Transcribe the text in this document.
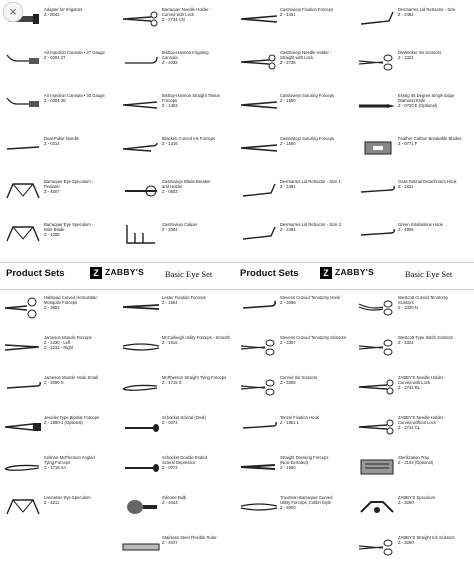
×	Adapter for Irrigators
Z - 8042
Air Injection Cannula • 27 Gauge
Z - 0304 27
Air Injection Cannula • 30 Gauge
Z - 0304 30
Dual-Pulse Needle
Z - 0214
Barraquer Eye Speculum -
Pediatric
Z - 4207
Barraquer Eye Speculum -
Wire Blade
Z - 4208
Barraquer Needle Holder -
Curved with Lock
Z - 2734 CN
Bishop-Harmon Irrigating
Cannula
Z - 4032
Bishop-Harmon Straight Tissue
Forceps
Z - 1403
Bracken Curved Iris Forceps
Z - 1316
Castroviejo Blade Breaker
and Holder
Z - 0803
Castroviejo Caliper
Z - 2004
Castroviejo Fixation Forceps
Z - 1451
Castroviejo Needle Holder -
Straight with Lock
Z - 2736
Castroviejo Suturing Forceps
Z - 1550
Castroviejo Suturing Forceps
Z - 1560
Desmarres Lid Retractor - Size 1
Z - 2491
Desmarres Lid Retractor - Size 2
Z - 2481
Desmarres Lid Retractor - Size
Z - 2482
DeWecker Iris Scissors
Z - 3322
Essrig 45 Degree Single Edge
Diamond Knife
Z - 0720 E (Optional)
Feather Carbon Breakable Blades
Z - 0771 F
Gass Retinal Detachment Hook
Z - 1831
Green Strabismus Hook
Z - 4906
Product Sets	Z ZABBY'S Basic Eye Set	Product Sets	Z ZABBY'S	Basic Eye Set
Halstead Curved Hemostatic
Mosquito Forceps
Z - 3802
Jameson Muscle Forceps
Z - 2230 - Left
Z - 2231 - Right
Jameson Muscle Hook Small
Z - 3090 S
Jeweler Type Bipolar Forceps
Z - 1890-1 (Optional)
Kelman-McPherson Angled
Tying Forceps
Z - 1716 AA
Lancaster Eye Speculum
Z - 4211
Lester Fixation Forceps
Z - 1504
McCullough Utility Forceps - Smooth
Z - 1616
McPherson Straight Tying Forceps
Z - 1715 S
Schocket Scleral (Oval)
Z - 0074
Schocket Double Ended
Scleral Depressor
Z - 0072
Silicone Bulb
Z - 4044
Stainless Steel Flexible Ruler
Z - 4047
Stevens Curved Tenotomy Hook
Z - 3098
Stevens Curved Tenotomy Scissors
Z - 3307
Curved Iris Scissors
Z - 3308
Tenzel Fixation Hook
Z - 1861 L
Straight Dressing Forceps
(Non-Serrated)
Z - 1580
Troutman-Barraquer Curved
Utility Forceps, Colibri Style
Z - 5000
Westcott Curved Tenotomy
Scissors
Z - 3320 N
Westcott Type Stitch Scissors
Z - 3324
ZABBY'S Needle Holder -
Curved with Lock
Z - 2742 RL
ZABBY'S Needle Holder -
Curved without Lock
Z - 2742 CL
Sterilization Tray
Z - 3104 (Optional)
ZABBY'S Speculum
Z - 3290
ZABBY'S Straight Iris Scissors
Z - 3290
